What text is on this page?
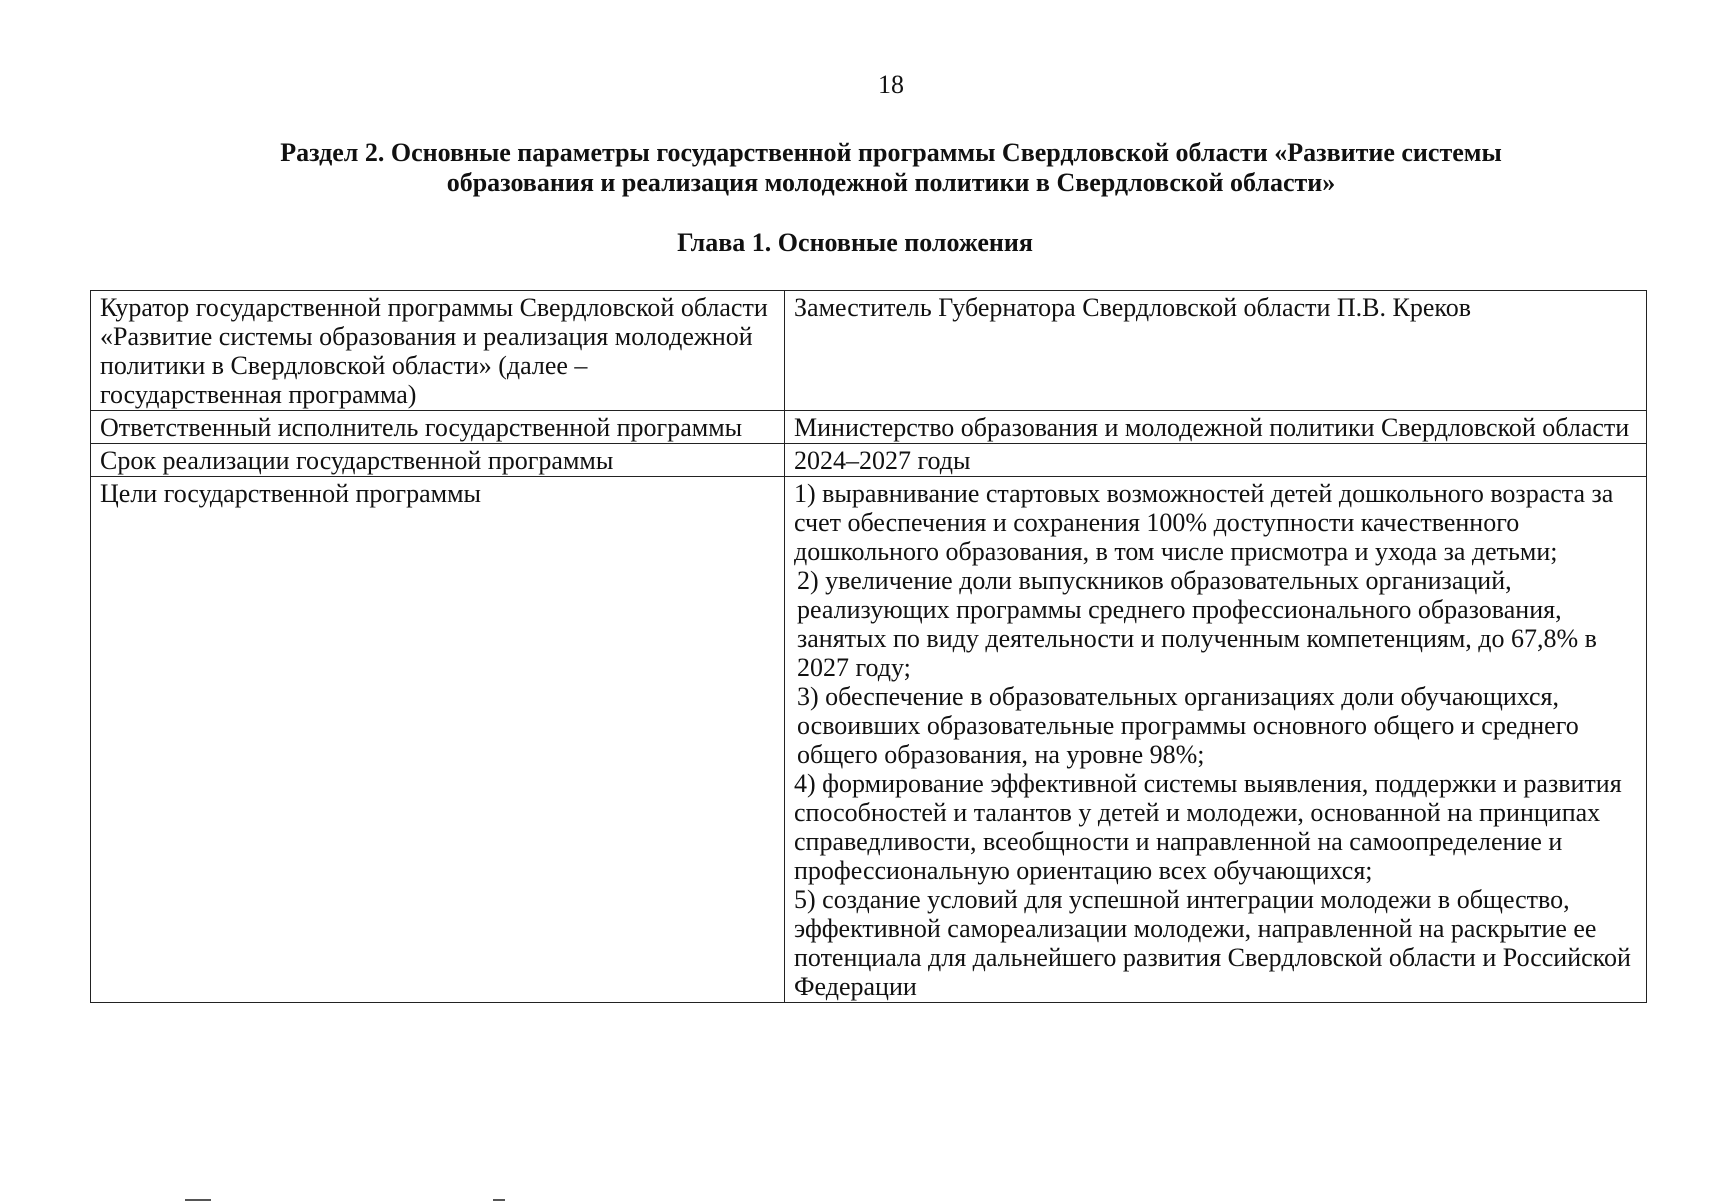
18
Раздел 2. Основные параметры государственной программы Свердловской области «Развитие системы
образования и реализация молодежной политики в Свердловской области»
Глава 1. Основные положения
Куратор государственной программы Свердловской области «Развитие системы образования и реализация молодежной политики в Свердловской области» (далее – государственная программа)	Заместитель Губернатора Свердловской области П.В. Креков
Ответственный исполнитель государственной программы	Министерство образования и молодежной политики Свердловской области
Срок реализации государственной программы	2024–2027 годы
Цели государственной программы	1) выравнивание стартовых возможностей детей дошкольного возраста за счет обеспечения и сохранения 100% доступности качественного дошкольного образования, в том числе присмотра и ухода за детьми;
2) увеличение доли выпускников образовательных организаций, реализующих программы среднего профессионального образования, занятых по виду деятельности и полученным компетенциям, до 67,8% в 2027 году;
3) обеспечение в образовательных организациях доли обучающихся, освоивших образовательные программы основного общего и среднего общего образования, на уровне 98%;
4) формирование эффективной системы выявления, поддержки и развития способностей и талантов у детей и молодежи, основанной на принципах справедливости, всеобщности и направленной на самоопределение и профессиональную ориентацию всех обучающихся;
5) создание условий для успешной интеграции молодежи в общество, эффективной самореализации молодежи, направленной на раскрытие ее потенциала для дальнейшего развития Свердловской области и Российской Федерации
